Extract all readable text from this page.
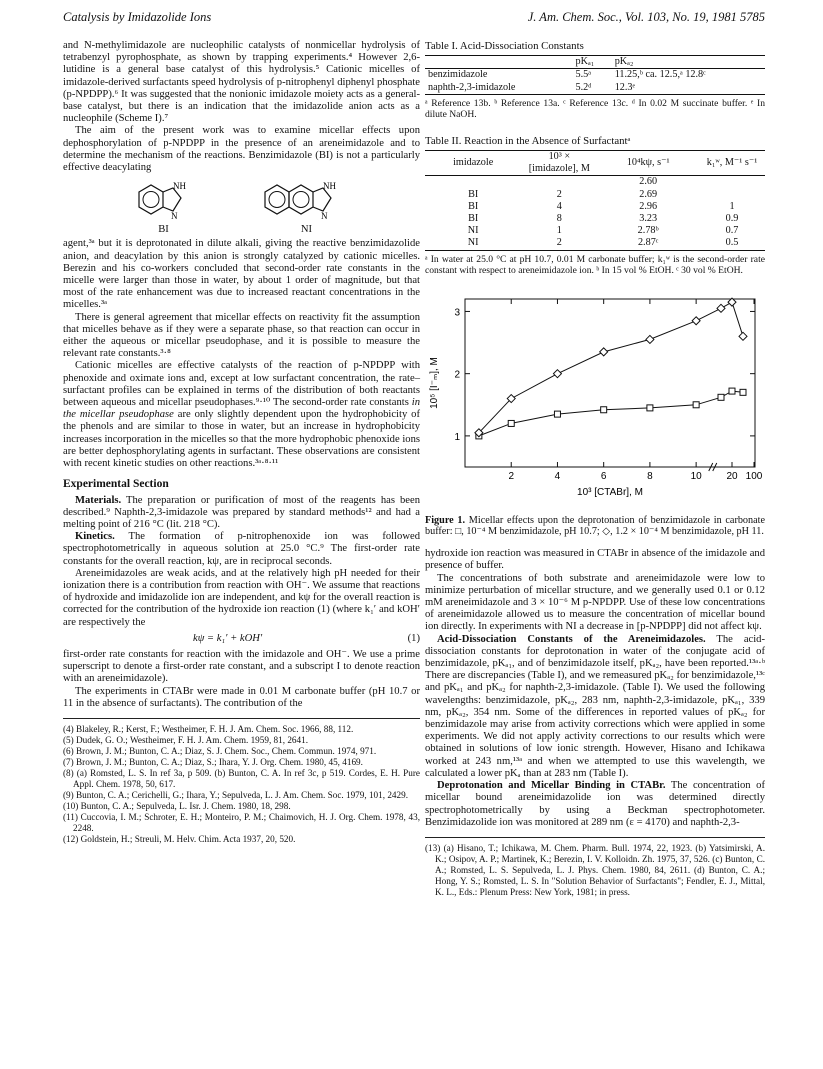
Catalysis by Imidazolide Ions	J. Am. Chem. Soc., Vol. 103, No. 19, 1981 5785

and N-methylimidazole are nucleophilic catalysts of nonmicellar hydrolysis of tetrabenzyl pyrophosphate, as shown by trapping experiments.⁴ However 2,6-lutidine is a general base catalyst of this hydrolysis.⁵ Cationic micelles of imidazole-derived surfactants speed hydrolysis of p-nitrophenyl diphenyl phosphate (p-NPDPP).⁶ It was suggested that the nonionic imidazole moiety acts as a general-base catalyst, but there is an indication that the imidazolide anion acts as a nucleophile (Scheme I).⁷

The aim of the present work was to examine micellar effects upon dephosphorylation of p-NPDPP in the presence of an areneimidazole and to determine the mechanism of the reactions. Benzimidazole (BI) is not a particularly effective deacylating

NH
N
BI
NH
N
NI

agent,³ᵃ but it is deprotonated in dilute alkali, giving the reactive benzimidazolide anion, and deacylation by this anion is strongly catalyzed by cationic micelles. Berezin and his co-workers concluded that second-order rate constants in the micelle were larger than those in water, by about 1 order of magnitude, but that most of the rate enhancement was due to increased reactant concentrations in the micelles.³ᵃ

There is general agreement that micellar effects on reactivity fit the assumption that micelles behave as if they were a separate phase, so that reaction can occur in either the aqueous or micellar pseudophase, and it is possible to measure the relevant rate constants.³·⁸

Cationic micelles are effective catalysts of the reaction of p-NPDPP with phenoxide and oximate ions and, except at low surfactant concentration, the rate–surfactant profiles can be explained in terms of the distribution of both reactants between aqueous and micellar pseudophases.⁹·¹⁰ The second-order rate constants in the micellar pseudophase are only slightly dependent upon the hydrophobicity of the phenols and are similar to those in water, but an increase in hydrophobicity increases incorporation in the micelles so that the more hydrophobic phenoxide ions are better dephosphorylating agents in surfactant. These observations are consistent with recent kinetic studies on other reactions.³ᵃ·⁸·¹¹

Experimental Section

Materials. The preparation or purification of most of the reagents has been described.⁹ Naphth-2,3-imidazole was prepared by standard methods¹² and had a melting point of 216 °C (lit. 218 °C).

Kinetics. The formation of p-nitrophenoxide ion was followed spectrophotometrically in aqueous solution at 25.0 °C.⁹ The first-order rate constants for the overall reaction, kψ, are in reciprocal seconds.

Areneimidazoles are weak acids, and at the relatively high pH needed for their ionization there is a contribution from reaction with OH⁻. We assume that reactions of hydroxide and imidazolide ion are independent, and kψ for the overall reaction is corrected for the contribution of the hydroxide ion reaction (1) (where k₁′ and kOH′ are respectively the

kψ = k₁′ + kOH′	(1)

first-order rate constants for reaction with the imidazole and OH⁻. We use a prime superscript to denote a first-order rate constant, and a subscript I to denote reaction with an areneimidazole).

The experiments in CTABr were made in 0.01 M carbonate buffer (pH 10.7 or 11 in the absence of surfactants). The contribution of the

(4) Blakeley, R.; Kerst, F.; Westheimer, F. H. J. Am. Chem. Soc. 1966, 88, 112.
(5) Dudek, G. O.; Westheimer, F. H. J. Am. Chem. 1959, 81, 2641.
(6) Brown, J. M.; Bunton, C. A.; Diaz, S. J. Chem. Soc., Chem. Commun. 1974, 971.
(7) Brown, J. M.; Bunton, C. A.; Diaz, S.; Ihara, Y. J. Org. Chem. 1980, 45, 4169.
(8) (a) Romsted, L. S. In ref 3a, p 509. (b) Bunton, C. A. In ref 3c, p 519. Cordes, E. H. Pure Appl. Chem. 1978, 50, 617.
(9) Bunton, C. A.; Cerichelli, G.; Ihara, Y.; Sepulveda, L. J. Am. Chem. Soc. 1979, 101, 2429.
(10) Bunton, C. A.; Sepulveda, L. Isr. J. Chem. 1980, 18, 298.
(11) Cuccovia, I. M.; Schroter, E. H.; Monteiro, P. M.; Chaimovich, H. J. Org. Chem. 1978, 43, 2248.
(12) Goldstein, H.; Streuli, M. Helv. Chim. Acta 1937, 20, 520.
Table I. Acid-Dissociation Constants
	pKₐ₁	pKₐ₂
benzimidazole	5.5ᵃ	11.25,ᵇ ca. 12.5,ᵃ 12.8ᶜ
naphth-2,3-imidazole	5.2ᵈ	12.3ᵉ
ᵃ Reference 13b. ᵇ Reference 13a. ᶜ Reference 13c. ᵈ In 0.02 M succinate buffer. ᵉ In dilute NaOH.
Table II. Reaction in the Absence of Surfactantᵃ
imidazole	10³ × [imidazole], M	10⁴kψ, s⁻¹	k₁ʷ, M⁻¹ s⁻¹
		2.60	
BI	2	2.69	
BI	4	2.96	1
BI	8	3.23	0.9
NI	1	2.78ᵇ	0.7
NI	2	2.87ᶜ	0.5
ᵃ In water at 25.0 °C at pH 10.7, 0.01 M carbonate buffer; k₁ʷ is the second-order rate constant with respect to areneimidazole ion. ᵇ In 15 vol % EtOH. ᶜ 30 vol % EtOH.
2	4	6	8	10 20 100
1
2
3
10³ [CTABr], M
10⁵ [I⁻ₘ], M
Figure 1. Micellar effects upon the deprotonation of benzimidazole in carbonate buffer: □, 10⁻⁴ M benzimidazole, pH 10.7; ◇, 1.2 × 10⁻⁴ M benzimidazole, pH 11.

hydroxide ion reaction was measured in CTABr in absence of the imidazole and presence of buffer.

The concentrations of both substrate and areneimidazole were low to minimize perturbation of micellar structure, and we generally used 0.1 or 0.12 mM areneimidazole and 3 × 10⁻⁶ M p-NPDPP. Use of these low concentrations of areneimidazole allowed us to measure the concentration of micellar bound ion directly. In experiments with NI a decrease in [p-NPDPP] did not affect kψ.

Acid-Dissociation Constants of the Areneimidazoles. The acid-dissociation constants for deprotonation in water of the conjugate acid of benzimidazole, pKₐ₁, and of benzimidazole itself, pKₐ₂, have been reported.¹³ᵃ·ᵇ There are discrepancies (Table I), and we remeasured pKₐ₂ for benzimidazole,¹³ᶜ and pKₐ₁ and pKₐ₂ for naphth-2,3-imidazole. (Table I). We used the following wavelengths: benzimidazole, pKₐ₂, 283 nm, naphth-2,3-imidazole, pKₐ₁, 339 nm, pKₐ₂, 354 nm. Some of the differences in reported values of pKₐ₂ for benzimidazole may arise from activity corrections which were applied in some experiments. We did not apply activity corrections to our results which were obtained in solutions of low ionic strength. However, Hisano and Ichikawa worked at 243 nm,¹³ᵃ and when we attempted to use this wavelength, we calculated a lower pKₐ than at 283 nm (Table I).

Deprotonation and Micellar Binding in CTABr. The concentration of micellar bound areneimidazolide ion was determined directly spectrophotometrically by using a Beckman spectrophotometer. Benzimidazolide ion was monitored at 289 nm (ε = 4170) and naphth-2,3-

(13) (a) Hisano, T.; Ichikawa, M. Chem. Pharm. Bull. 1974, 22, 1923. (b) Yatsimirski, A. K.; Osipov, A. P.; Martinek, K.; Berezin, I. V. Kolloidn. Zh. 1975, 37, 526. (c) Bunton, C. A.; Romsted, L. S. Sepulveda, L. J. Phys. Chem. 1980, 84, 2611. (d) Bunton, C. A.; Hong, Y. S.; Romsted, L. S. In "Solution Behavior of Surfactants"; Fendler, E. J., Mittal, K. L., Eds.: Plenum Press: New York, 1981; in press.
